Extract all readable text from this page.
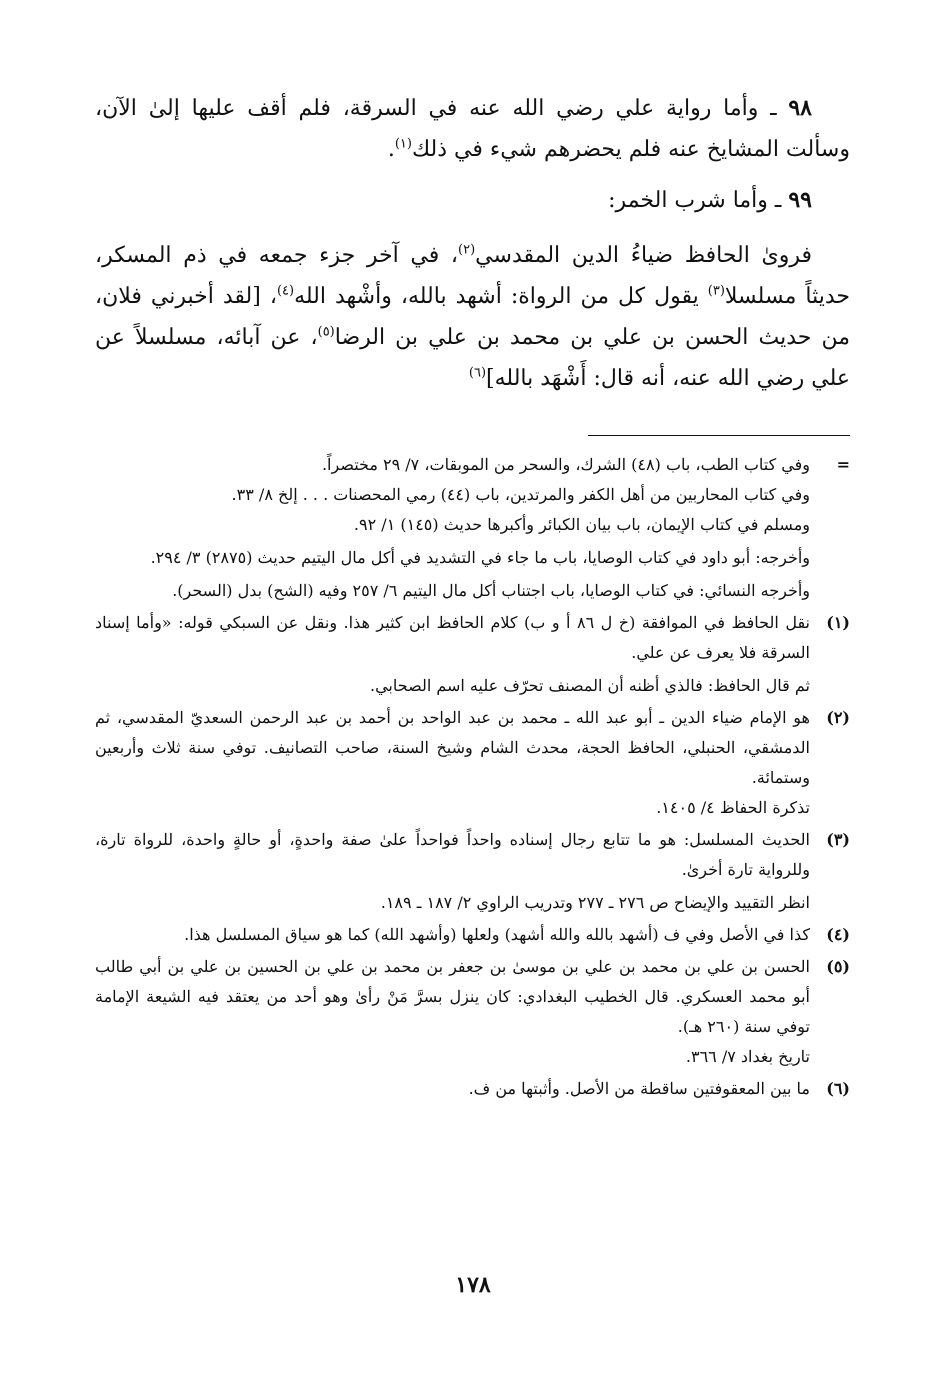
٩٨ ـ وأما رواية علي رضي الله عنه في السرقة، فلم أقف عليها إلىٰ الآن، وسألت المشايخ عنه فلم يحضرهم شيء في ذلك$^{(١)}$.

٩٩ ـ وأما شرب الخمر:

فروىٰ الحافظ ضياءُ الدين المقدسي$^{(٢)}$، في آخر جزء جمعه في ذم المسكر، حديثاً مسلسلا$^{(٣)}$ يقول كل من الرواة: أشهد بالله، وأشْهد الله$^{(٤)}$، [لقد أخبرني فلان، من حديث الحسن بن علي بن محمد بن علي بن الرضا$^{(٥)}$، عن آبائه، مسلسلاً عن علي رضي الله عنه، أنه قال: أَشْهَد بالله]$^{(٦)}$

=
وفي كتاب الطب، باب (٤٨) الشرك، والسحر من الموبقات، ٧/ ٢٩ مختصراً.
وفي كتاب المحاربين من أهل الكفر والمرتدين، باب (٤٤) رمي المحصنات . . . إلخ ٨/ ٣٣.
ومسلم في كتاب الإيمان، باب بيان الكبائر وأكبرها حديث (١٤٥) ١/ ٩٢.
وأخرجه: أبو داود في كتاب الوصايا، باب ما جاء في التشديد في أكل مال اليتيم حديث (٢٨٧٥) ٣/ ٢٩٤.
وأخرجه النسائي: في كتاب الوصايا، باب اجتناب أكل مال اليتيم ٦/ ٢٥٧ وفيه (الشح) بدل (السحر).
(١)
نقل الحافظ في الموافقة (خ ل ٨٦ أ و ب) كلام الحافظ ابن كثير هذا. ونقل عن السبكي قوله: «وأما إسناد السرقة فلا يعرف عن علي.
ثم قال الحافظ: فالذي أظنه أن المصنف تحرّف عليه اسم الصحابي.
(٢)
هو الإمام ضياء الدين ـ أبو عبد الله ـ محمد بن عبد الواحد بن أحمد بن عبد الرحمن السعديّ المقدسي، ثم الدمشقي، الحنبلي، الحافظ الحجة، محدث الشام وشيخ السنة، صاحب التصانيف. توفي سنة ثلاث وأربعين وستمائة.
تذكرة الحفاظ ٤/ ١٤٠٥.
(٣)
الحديث المسلسل: هو ما تتابع رجال إسناده واحداً فواحداً علىٰ صفة واحدةٍ، أو حالةٍ واحدة، للرواة تارة، وللرواية تارة أخرىٰ.
انظر التقييد والإيضاح ص ٢٧٦ ـ ٢٧٧ وتدريب الراوي ٢/ ١٨٧ ـ ١٨٩.
(٤)
كذا في الأصل وفي ف (أشهد بالله والله أشهد) ولعلها (وأشهد الله) كما هو سياق المسلسل هذا.
(٥)
الحسن بن علي بن محمد بن علي بن موسىٰ بن جعفر بن محمد بن علي بن الحسين بن علي بن أبي طالب أبو محمد العسكري. قال الخطيب البغدادي: كان ينزل بسرَّ مَنْ رأىٰ وهو أحد من يعتقد فيه الشيعة الإمامة توفي سنة (٢٦٠ هـ).
تاريخ بغداد ٧/ ٣٦٦.
(٦)
ما بين المعقوفتين ساقطة من الأصل. وأثبتها من ف.
١٧٨
